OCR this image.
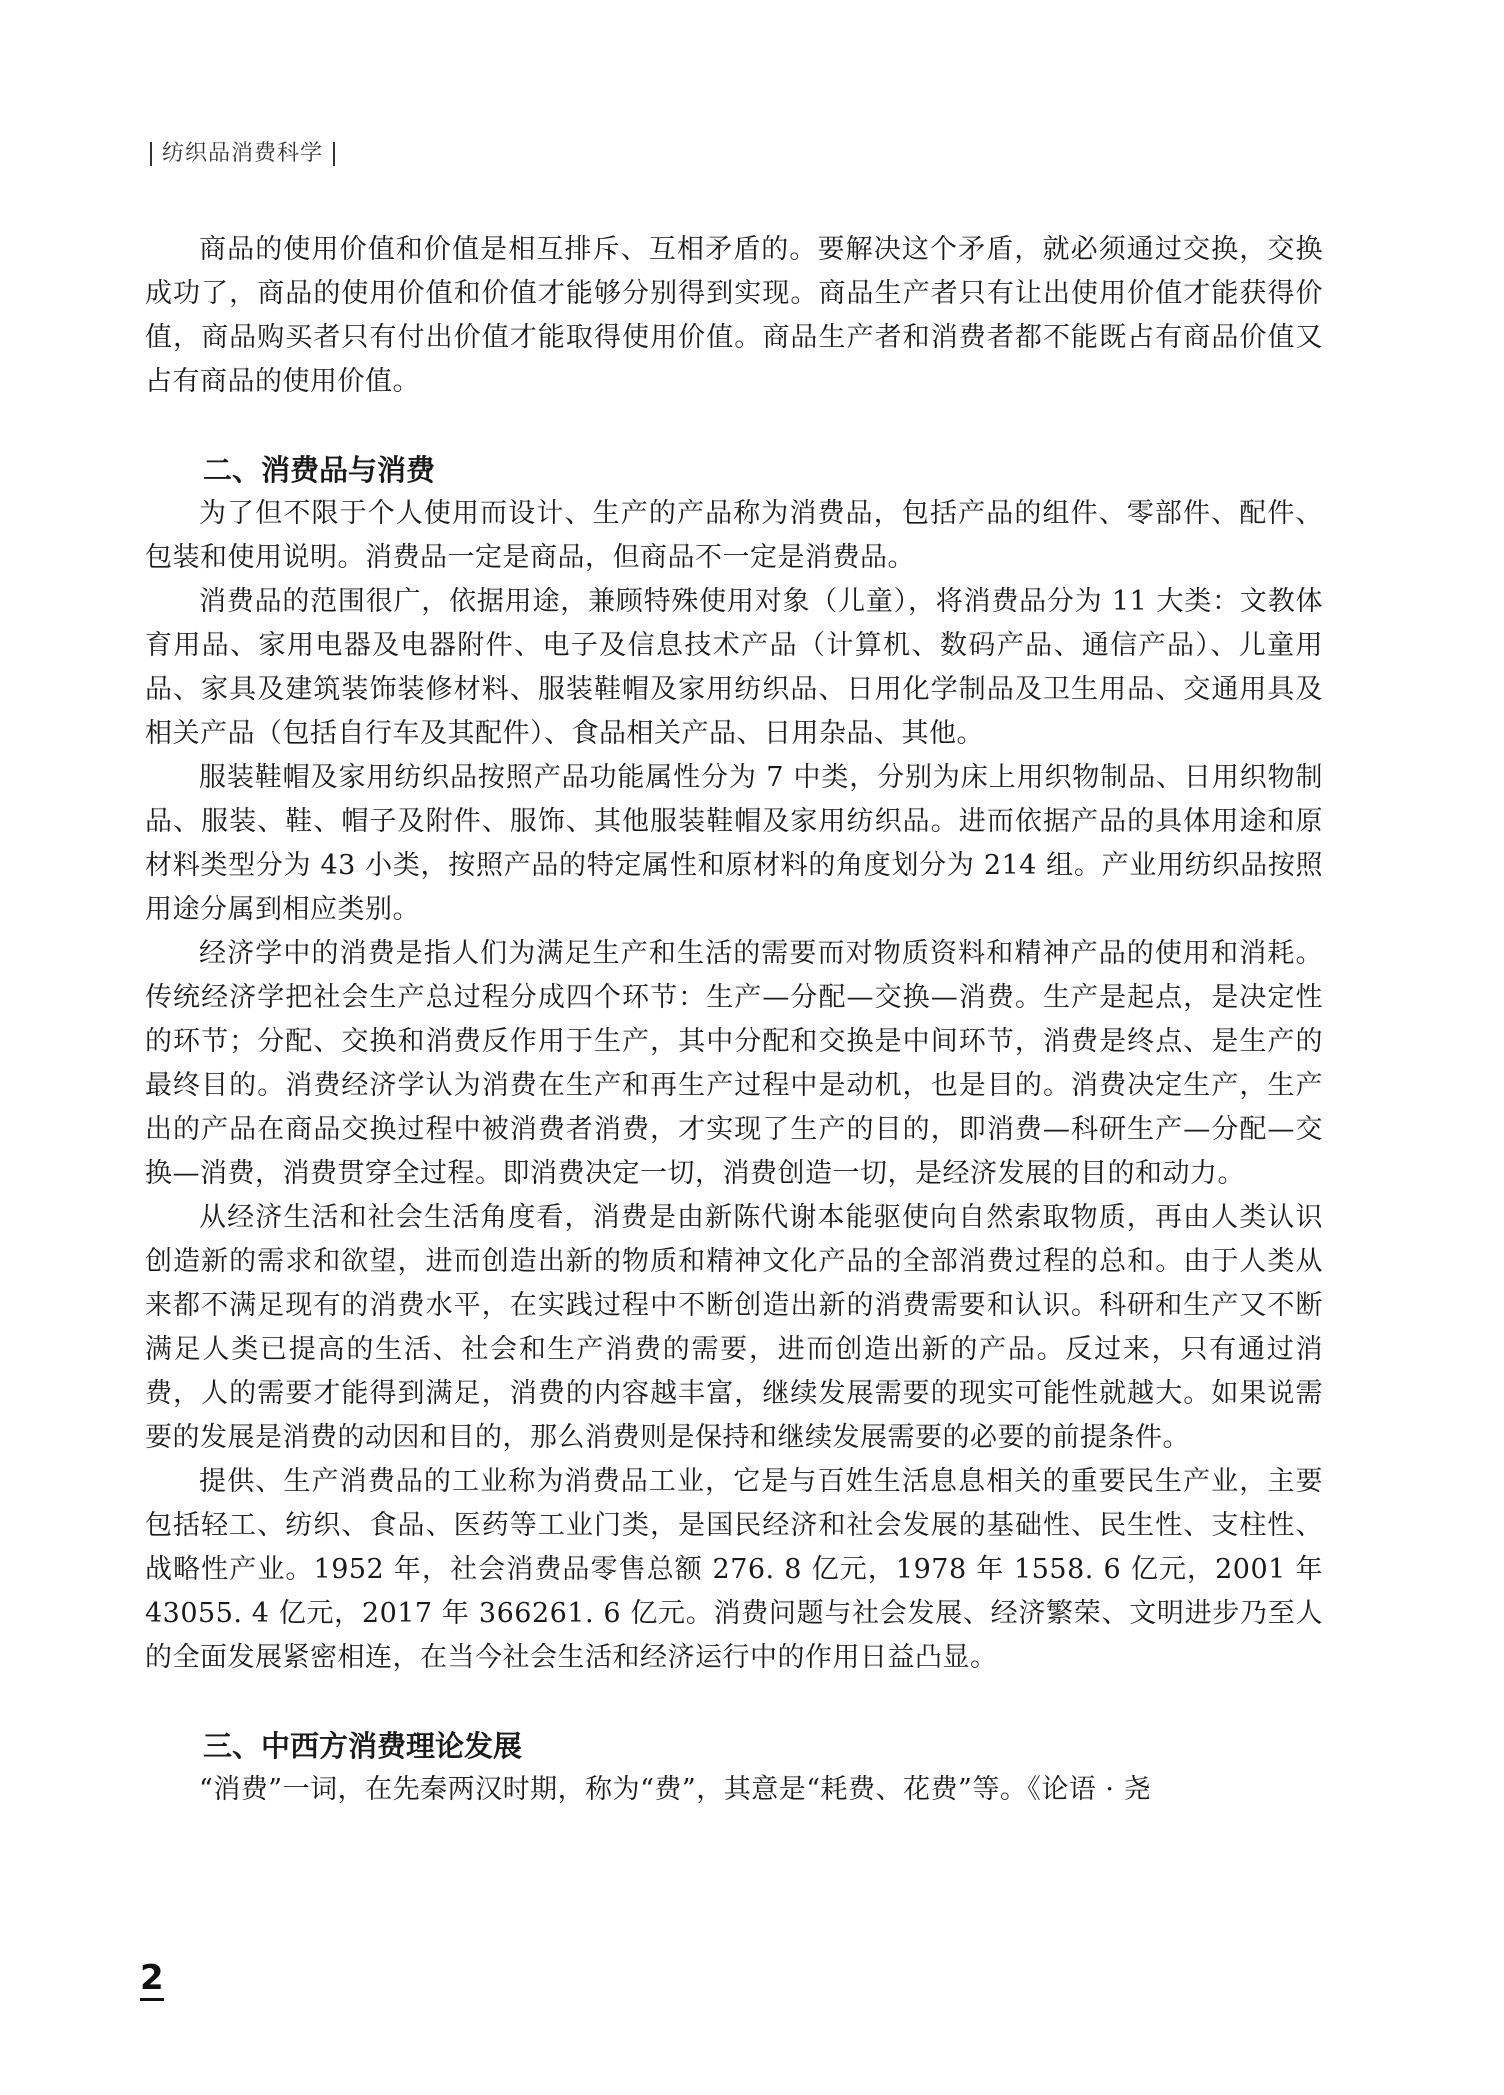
纺织品消费科学

商品的使用价值和价值是相互排斥、互相矛盾的。要解决这个矛盾，就必须通过交换，交换成功了，商品的使用价值和价值才能够分别得到实现。商品生产者只有让出使用价值才能获得价值，商品购买者只有付出价值才能取得使用价值。商品生产者和消费者都不能既占有商品价值又占有商品的使用价值。

二、消费品与消费

为了但不限于个人使用而设计、生产的产品称为消费品，包括产品的组件、零部件、配件、包装和使用说明。消费品一定是商品，但商品不一定是消费品。

消费品的范围很广，依据用途，兼顾特殊使用对象（儿童），将消费品分为 11 大类：文教体育用品、家用电器及电器附件、电子及信息技术产品（计算机、数码产品、通信产品）、儿童用品、家具及建筑装饰装修材料、服装鞋帽及家用纺织品、日用化学制品及卫生用品、交通用具及相关产品（包括自行车及其配件）、食品相关产品、日用杂品、其他。

服装鞋帽及家用纺织品按照产品功能属性分为 7 中类，分别为床上用织物制品、日用织物制品、服装、鞋、帽子及附件、服饰、其他服装鞋帽及家用纺织品。进而依据产品的具体用途和原材料类型分为 43 小类，按照产品的特定属性和原材料的角度划分为 214 组。产业用纺织品按照用途分属到相应类别。

经济学中的消费是指人们为满足生产和生活的需要而对物质资料和精神产品的使用和消耗。传统经济学把社会生产总过程分成四个环节：生产—分配—交换—消费。生产是起点，是决定性的环节；分配、交换和消费反作用于生产，其中分配和交换是中间环节，消费是终点、是生产的最终目的。消费经济学认为消费在生产和再生产过程中是动机，也是目的。消费决定生产，生产出的产品在商品交换过程中被消费者消费，才实现了生产的目的，即消费—科研生产—分配—交换—消费，消费贯穿全过程。即消费决定一切，消费创造一切，是经济发展的目的和动力。

从经济生活和社会生活角度看，消费是由新陈代谢本能驱使向自然索取物质，再由人类认识创造新的需求和欲望，进而创造出新的物质和精神文化产品的全部消费过程的总和。由于人类从来都不满足现有的消费水平，在实践过程中不断创造出新的消费需要和认识。科研和生产又不断满足人类已提高的生活、社会和生产消费的需要，进而创造出新的产品。反过来，只有通过消费，人的需要才能得到满足，消费的内容越丰富，继续发展需要的现实可能性就越大。如果说需要的发展是消费的动因和目的，那么消费则是保持和继续发展需要的必要的前提条件。

提供、生产消费品的工业称为消费品工业，它是与百姓生活息息相关的重要民生产业，主要包括轻工、纺织、食品、医药等工业门类，是国民经济和社会发展的基础性、民生性、支柱性、战略性产业。1952 年，社会消费品零售总额 276. 8 亿元，1978 年 1558. 6 亿元，2001 年 43055. 4 亿元，2017 年 366261. 6 亿元。消费问题与社会发展、经济繁荣、文明进步乃至人的全面发展紧密相连，在当今社会生活和经济运行中的作用日益凸显。

三、中西方消费理论发展

“消费”一词，在先秦两汉时期，称为“费”，其意是“耗费、花费”等。《论语 · 尧

2
